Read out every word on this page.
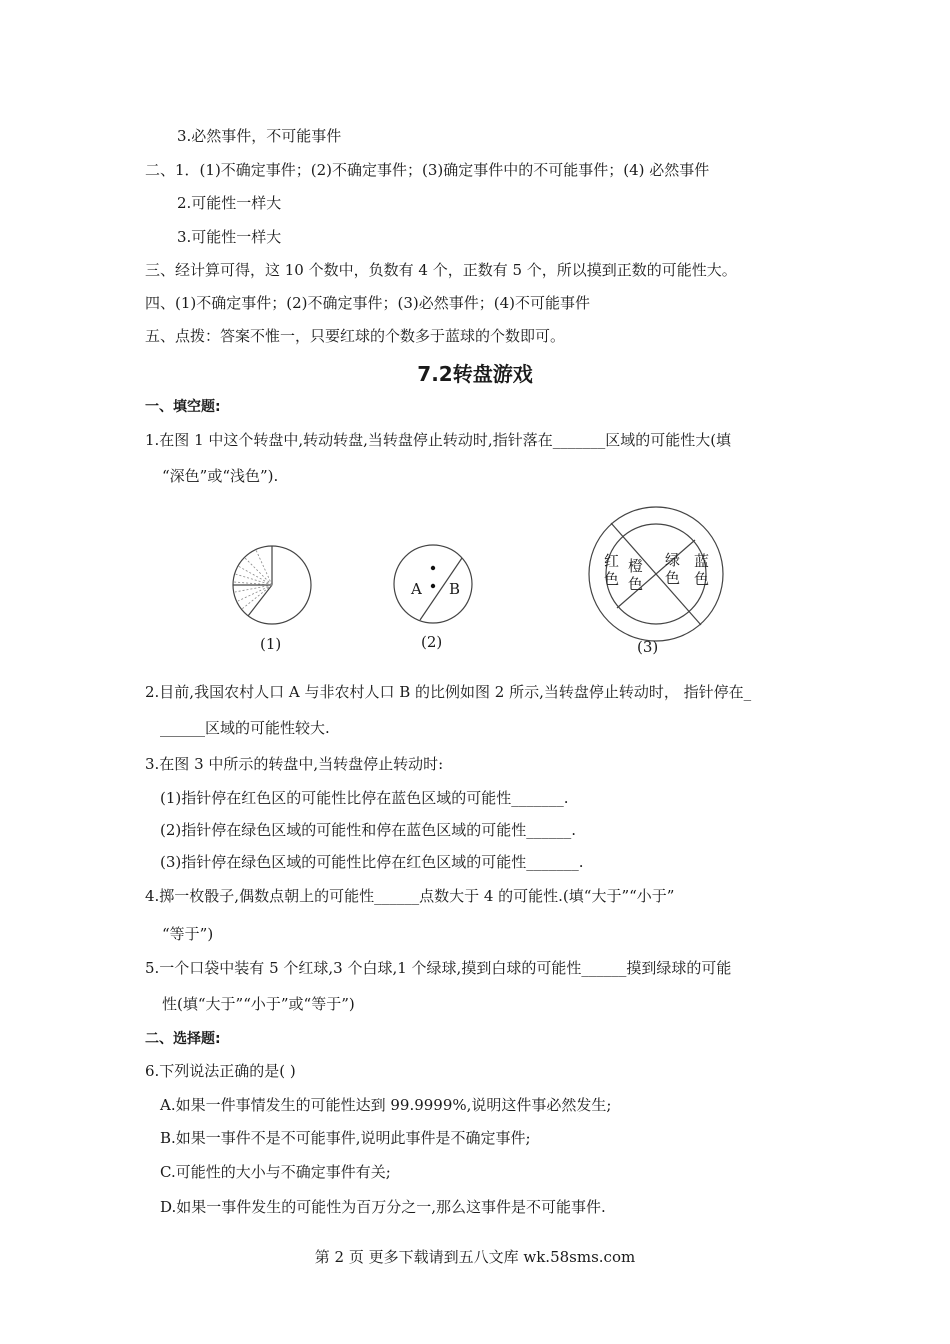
3.必然事件，不可能事件
二、1．(1)不确定事件；(2)不确定事件；(3)确定事件中的不可能事件；(4) 必然事件
2.可能性一样大
3.可能性一样大
三、经计算可得，这 10 个数中，负数有 4 个，正数有 5 个，所以摸到正数的可能性大。
四、(1)不确定事件；(2)不确定事件；(3)必然事件；(4)不可能事件
五、点拨：答案不惟一，只要红球的个数多于蓝球的个数即可。
7.2转盘游戏
一、填空题:
1.在图 1 中这个转盘中,转动转盘,当转盘停止转动时,指针落在_______区域的可能性大(填
“深色”或“浅色”).
(1)	(2)	(3)
A B
红
色
橙
色
绿
色
蓝
色
2.目前,我国农村人口 A 与非农村人口 B 的比例如图 2 所示,当转盘停止转动时， 指针停在_
______区域的可能性较大.
3.在图 3 中所示的转盘中,当转盘停止转动时:
(1)指针停在红色区的可能性比停在蓝色区域的可能性_______.
(2)指针停在绿色区域的可能性和停在蓝色区域的可能性______.
(3)指针停在绿色区域的可能性比停在红色区域的可能性_______.
4.掷一枚骰子,偶数点朝上的可能性______点数大于 4 的可能性.(填“大于”“小于”
“等于”)
5.一个口袋中装有 5 个红球,3 个白球,1 个绿球,摸到白球的可能性______摸到绿球的可能
性(填“大于”“小于”或“等于”)
二、选择题:
6.下列说法正确的是( )
A.如果一件事情发生的可能性达到 99.9999%,说明这件事必然发生;
B.如果一事件不是不可能事件,说明此事件是不确定事件;
C.可能性的大小与不确定事件有关;
D.如果一事件发生的可能性为百万分之一,那么这事件是不可能事件.
第 2 页 更多下载请到五八文库 wk.58sms.com
